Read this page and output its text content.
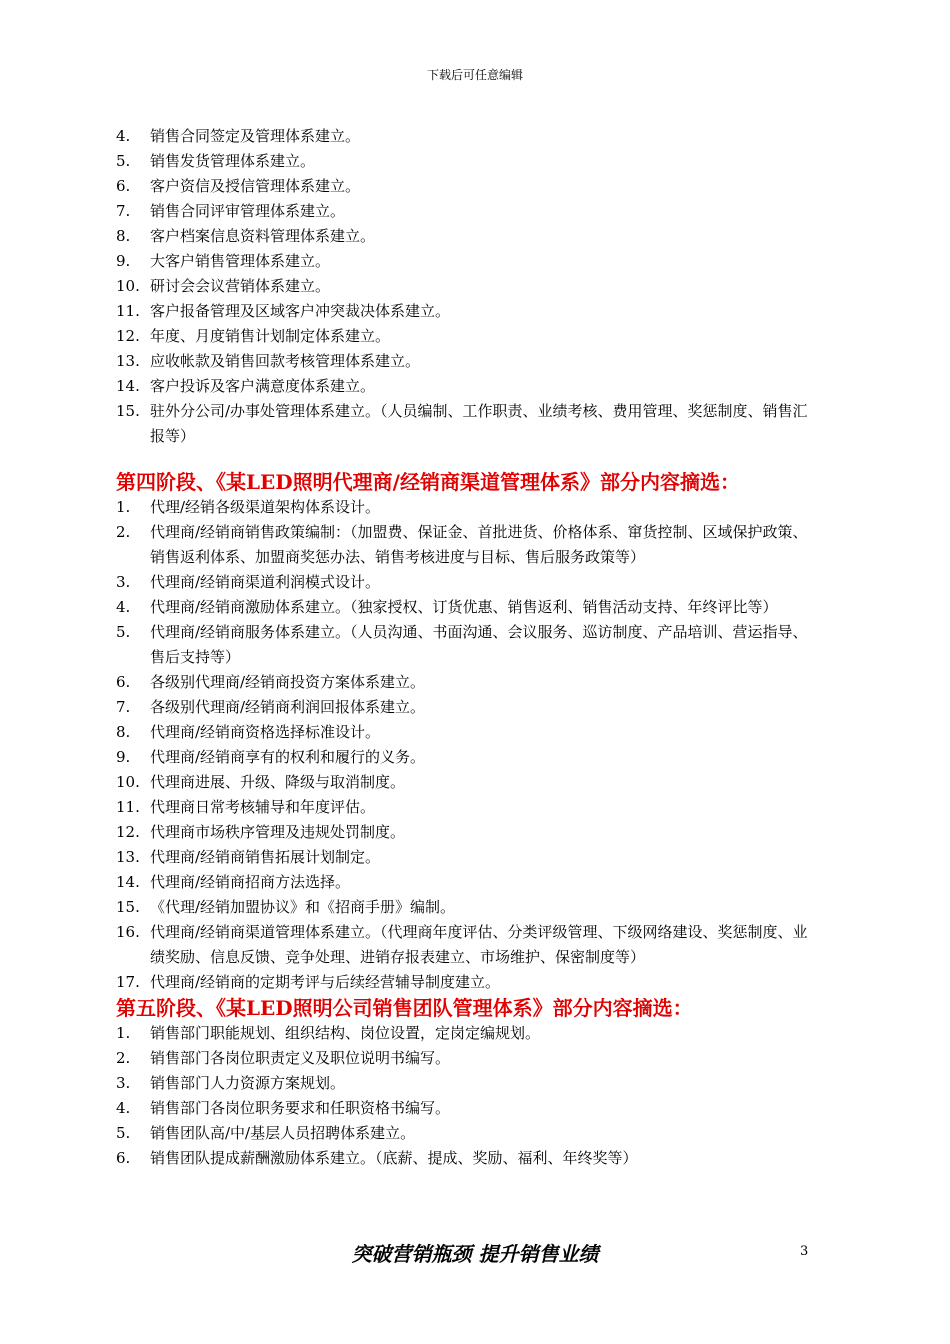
下载后可任意编辑
4.	销售合同签定及管理体系建立。
5.	销售发货管理体系建立。
6.	客户资信及授信管理体系建立。
7.	销售合同评审管理体系建立。
8.	客户档案信息资料管理体系建立。
9.	大客户销售管理体系建立。
10. 研讨会会议营销体系建立。
11. 客户报备管理及区域客户冲突裁决体系建立。
12. 年度、月度销售计划制定体系建立。
13. 应收帐款及销售回款考核管理体系建立。
14. 客户投诉及客户满意度体系建立。
15. 驻外分公司/办事处管理体系建立。（人员编制、工作职责、业绩考核、费用管理、奖惩制度、销售汇报等）
第四阶段、《某LED照明代理商/经销商渠道管理体系》部分内容摘选：
1.	代理/经销各级渠道架构体系设计。
2.	代理商/经销商销售政策编制：（加盟费、保证金、首批进货、价格体系、窜货控制、区域保护政策、销售返利体系、加盟商奖惩办法、销售考核进度与目标、售后服务政策等）
3.	代理商/经销商渠道利润模式设计。
4.	代理商/经销商激励体系建立。（独家授权、订货优惠、销售返利、销售活动支持、年终评比等）
5.	代理商/经销商服务体系建立。（人员沟通、书面沟通、会议服务、巡访制度、产品培训、营运指导、售后支持等）
6.	各级别代理商/经销商投资方案体系建立。
7.	各级别代理商/经销商利润回报体系建立。
8.	代理商/经销商资格选择标准设计。
9.	代理商/经销商享有的权利和履行的义务。
10. 代理商进展、升级、降级与取消制度。
11. 代理商日常考核辅导和年度评估。
12. 代理商市场秩序管理及违规处罚制度。
13. 代理商/经销商销售拓展计划制定。
14. 代理商/经销商招商方法选择。
15. 《代理/经销加盟协议》和《招商手册》编制。
16. 代理商/经销商渠道管理体系建立。（代理商年度评估、分类评级管理、下级网络建设、奖惩制度、业绩奖励、信息反馈、竞争处理、进销存报表建立、市场维护、保密制度等）
17. 代理商/经销商的定期考评与后续经营辅导制度建立。
第五阶段、《某LED照明公司销售团队管理体系》部分内容摘选：
1.	销售部门职能规划、组织结构、岗位设置，定岗定编规划。
2.	销售部门各岗位职责定义及职位说明书编写。
3.	销售部门人力资源方案规划。
4.	销售部门各岗位职务要求和任职资格书编写。
5.	销售团队高/中/基层人员招聘体系建立。
6.	销售团队提成薪酬激励体系建立。（底薪、提成、奖励、福利、年终奖等）
突破营销瓶颈 提升销售业绩	3
